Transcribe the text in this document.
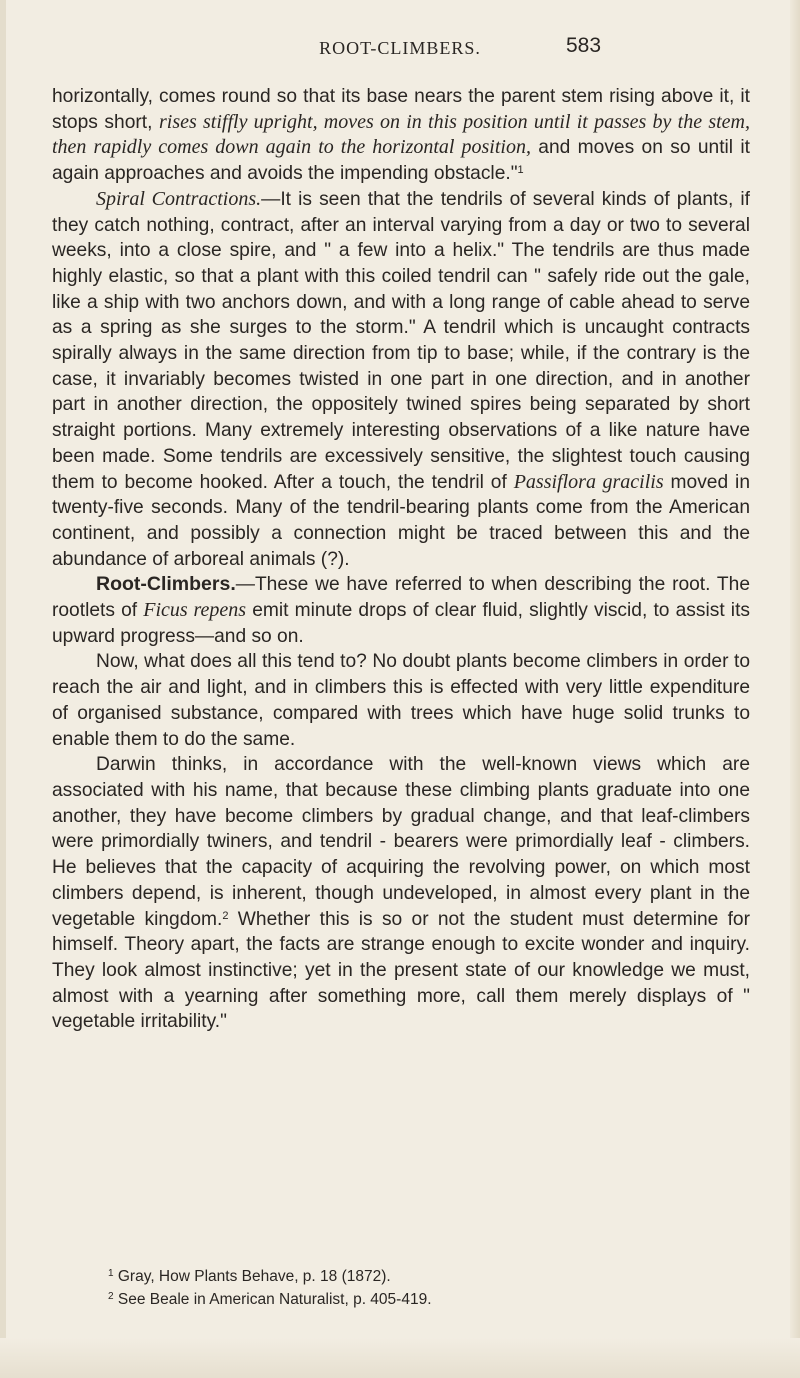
ROOT-CLIMBERS.	583

horizontally, comes round so that its base nears the parent stem rising above it, it stops short, rises stiffly upright, moves on in this position until it passes by the stem, then rapidly comes down again to the horizontal position, and moves on so until it again approaches and avoids the impending obstacle."$^1$

Spiral Contractions.—It is seen that the tendrils of several kinds of plants, if they catch nothing, contract, after an interval varying from a day or two to several weeks, into a close spire, and " a few into a helix." The tendrils are thus made highly elastic, so that a plant with this coiled tendril can " safely ride out the gale, like a ship with two anchors down, and with a long range of cable ahead to serve as a spring as she surges to the storm." A tendril which is uncaught contracts spirally always in the same direction from tip to base; while, if the contrary is the case, it invariably becomes twisted in one part in one direction, and in another part in another direction, the oppositely twined spires being separated by short straight portions. Many extremely interesting observations of a like nature have been made. Some tendrils are excessively sensitive, the slightest touch causing them to become hooked. After a touch, the tendril of Passiflora gracilis moved in twenty-five seconds. Many of the tendril-bearing plants come from the American continent, and possibly a connection might be traced between this and the abundance of arboreal animals (?).

Root-Climbers.—These we have referred to when describing the root. The rootlets of Ficus repens emit minute drops of clear fluid, slightly viscid, to assist its upward progress—and so on.

Now, what does all this tend to? No doubt plants become climbers in order to reach the air and light, and in climbers this is effected with very little expenditure of organised substance, compared with trees which have huge solid trunks to enable them to do the same.

Darwin thinks, in accordance with the well-known views which are associated with his name, that because these climbing plants graduate into one another, they have become climbers by gradual change, and that leaf-climbers were primordially twiners, and tendril - bearers were primordially leaf - climbers. He believes that the capacity of acquiring the revolving power, on which most climbers depend, is inherent, though undeveloped, in almost every plant in the vegetable kingdom.$^2$ Whether this is so or not the student must determine for himself. Theory apart, the facts are strange enough to excite wonder and inquiry. They look almost instinctive; yet in the present state of our knowledge we must, almost with a yearning after something more, call them merely displays of " vegetable irritability."

$^1$ Gray, How Plants Behave, p. 18 (1872).
$^2$ See Beale in American Naturalist, p. 405-419.
